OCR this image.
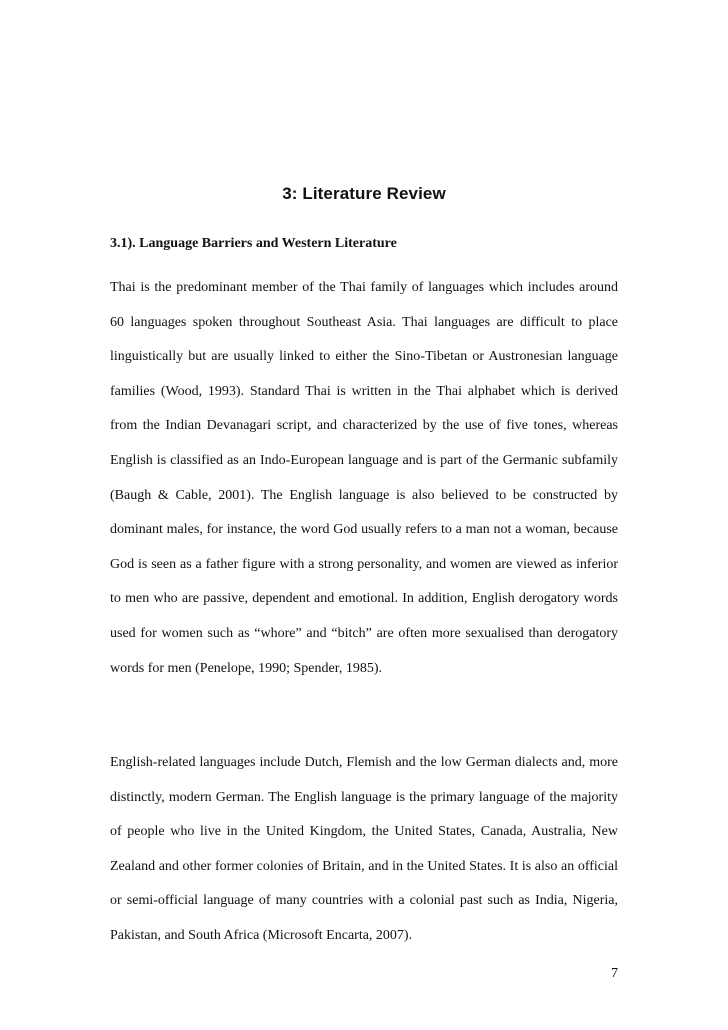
3: Literature Review
3.1). Language Barriers and Western Literature

Thai is the predominant member of the Thai family of languages which includes around 60 languages spoken throughout Southeast Asia. Thai languages are difficult to place linguistically but are usually linked to either the Sino-Tibetan or Austronesian language families (Wood, 1993). Standard Thai is written in the Thai alphabet which is derived from the Indian Devanagari script, and characterized by the use of five tones, whereas English is classified as an Indo-European language and is part of the Germanic subfamily (Baugh & Cable, 2001). The English language is also believed to be constructed by dominant males, for instance, the word God usually refers to a man not a woman, because God is seen as a father figure with a strong personality, and women are viewed as inferior to men who are passive, dependent and emotional. In addition, English derogatory words used for women such as “whore” and “bitch” are often more sexualised than derogatory words for men (Penelope, 1990; Spender, 1985).

English-related languages include Dutch, Flemish and the low German dialects and, more distinctly, modern German. The English language is the primary language of the majority of people who live in the United Kingdom, the United States, Canada, Australia, New Zealand and other former colonies of Britain, and in the United States. It is also an official or semi-official language of many countries with a colonial past such as India, Nigeria, Pakistan, and South Africa (Microsoft Encarta, 2007).

7
